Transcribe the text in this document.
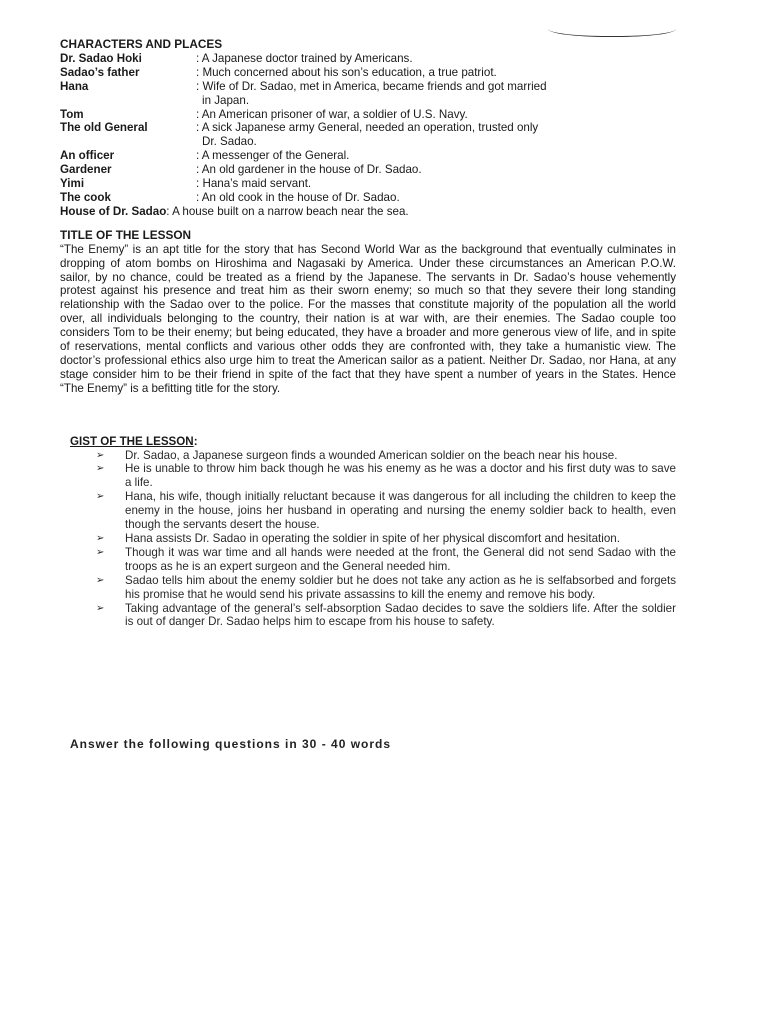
CHARACTERS AND PLACES

Dr. Sadao Hoki	: A Japanese doctor trained by Americans.
Sadao’s father	: Much concerned about his son’s education, a true patriot.
Hana	: Wife of Dr. Sadao, met in America, became friends and got married
in Japan.
Tom	: An American prisoner of war, a soldier of U.S. Navy.
The old General	: A sick Japanese army General, needed an operation, trusted only
Dr. Sadao.
An officer	: A messenger of the General.
Gardener	: An old gardener in the house of Dr. Sadao.
Yimi	: Hana’s maid servant.
The cook	: An old cook in the house of Dr. Sadao.
House of Dr. Sadao : A house built on a narrow beach near the sea.

TITLE OF THE LESSON

“The Enemy” is an apt title for the story that has Second World War as the background that eventually culminates in dropping of atom bombs on Hiroshima and Nagasaki by America. Under these circumstances an American P.O.W. sailor, by no chance, could be treated as a friend by the Japanese. The servants in Dr. Sadao’s house vehemently protest against his presence and treat him as their sworn enemy; so much so that they severe their long standing relationship with the Sadao over to the police. For the masses that constitute majority of the population all the world over, all individuals belonging to the country, their nation is at war with, are their enemies. The Sadao couple too considers Tom to be their enemy; but being educated, they have a broader and more generous view of life, and in spite of reservations, mental conflicts and various other odds they are confronted with, they take a humanistic view. The doctor’s professional ethics also urge him to treat the American sailor as a patient. Neither Dr. Sadao, nor Hana, at any stage consider him to be their friend in spite of the fact that they have spent a number of years in the States. Hence “The Enemy” is a befitting title for the story.

GIST OF THE LESSON:
➢ Dr. Sadao, a Japanese surgeon finds a wounded American soldier on the beach near his house.
➢ He is unable to throw him back though he was his enemy as he was a doctor and his first duty was to save a life.
➢ Hana, his wife, though initially reluctant because it was dangerous for all including the children to keep the enemy in the house, joins her husband in operating and nursing the enemy soldier back to health, even though the servants desert the house.
➢ Hana assists Dr. Sadao in operating the soldier in spite of her physical discomfort and hesitation.
➢ Though it was war time and all hands were needed at the front, the General did not send Sadao with the troops as he is an expert surgeon and the General needed him.
➢ Sadao tells him about the enemy soldier but he does not take any action as he is selfabsorbed and forgets his promise that he would send his private assassins to kill the enemy and remove his body.
➢ Taking advantage of the general’s self-absorption Sadao decides to save the soldiers life. After the soldier is out of danger Dr. Sadao helps him to escape from his house to safety.
Answer the following questions in 30 - 40 words
